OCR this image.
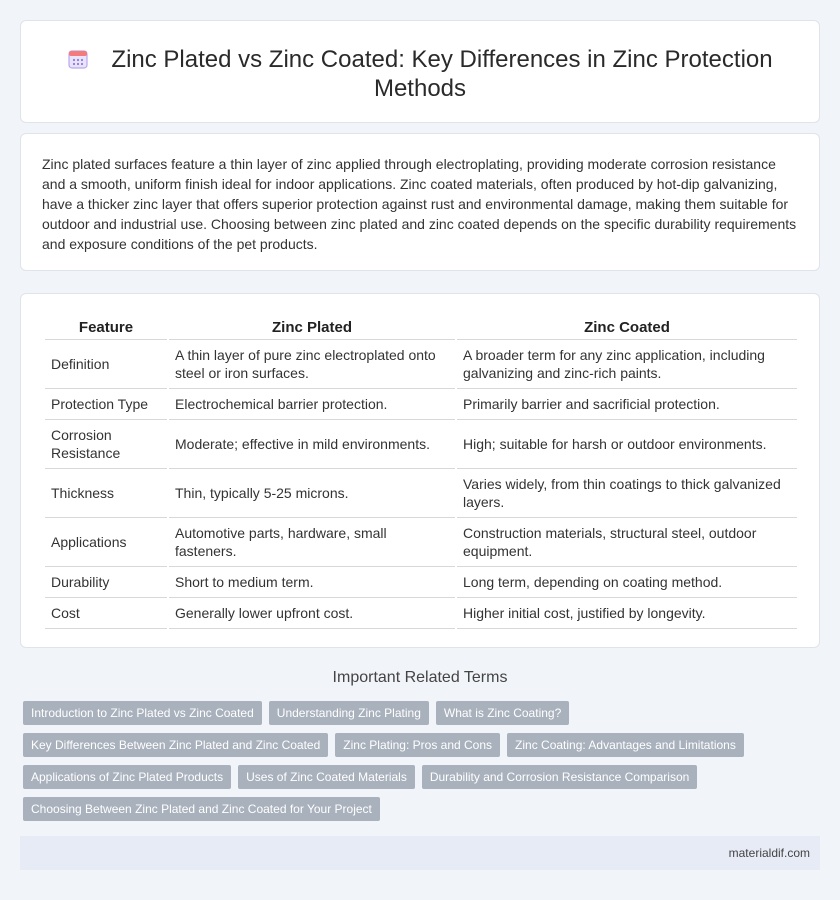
Zinc Plated vs Zinc Coated: Key Differences in Zinc Protection Methods

Zinc plated surfaces feature a thin layer of zinc applied through electroplating, providing moderate corrosion resistance and a smooth, uniform finish ideal for indoor applications. Zinc coated materials, often produced by hot-dip galvanizing, have a thicker zinc layer that offers superior protection against rust and environmental damage, making them suitable for outdoor and industrial use. Choosing between zinc plated and zinc coated depends on the specific durability requirements and exposure conditions of the pet products.

Feature	Zinc Plated	Zinc Coated
Definition	A thin layer of pure zinc electroplated onto steel or iron surfaces.	A broader term for any zinc application, including galvanizing and zinc-rich paints.
Protection Type	Electrochemical barrier protection.	Primarily barrier and sacrificial protection.
Corrosion Resistance	Moderate; effective in mild environments.	High; suitable for harsh or outdoor environments.
Thickness	Thin, typically 5-25 microns.	Varies widely, from thin coatings to thick galvanized layers.
Applications	Automotive parts, hardware, small fasteners.	Construction materials, structural steel, outdoor equipment.
Durability	Short to medium term.	Long term, depending on coating method.
Cost	Generally lower upfront cost.	Higher initial cost, justified by longevity.
Important Related Terms
Introduction to Zinc Plated vs Zinc Coated	Understanding Zinc Plating	What is Zinc Coating?
Key Differences Between Zinc Plated and Zinc Coated	Zinc Plating: Pros and Cons	Zinc Coating: Advantages and Limitations
Applications of Zinc Plated Products	Uses of Zinc Coated Materials	Durability and Corrosion Resistance Comparison
Choosing Between Zinc Plated and Zinc Coated for Your Project
materialdif.com
